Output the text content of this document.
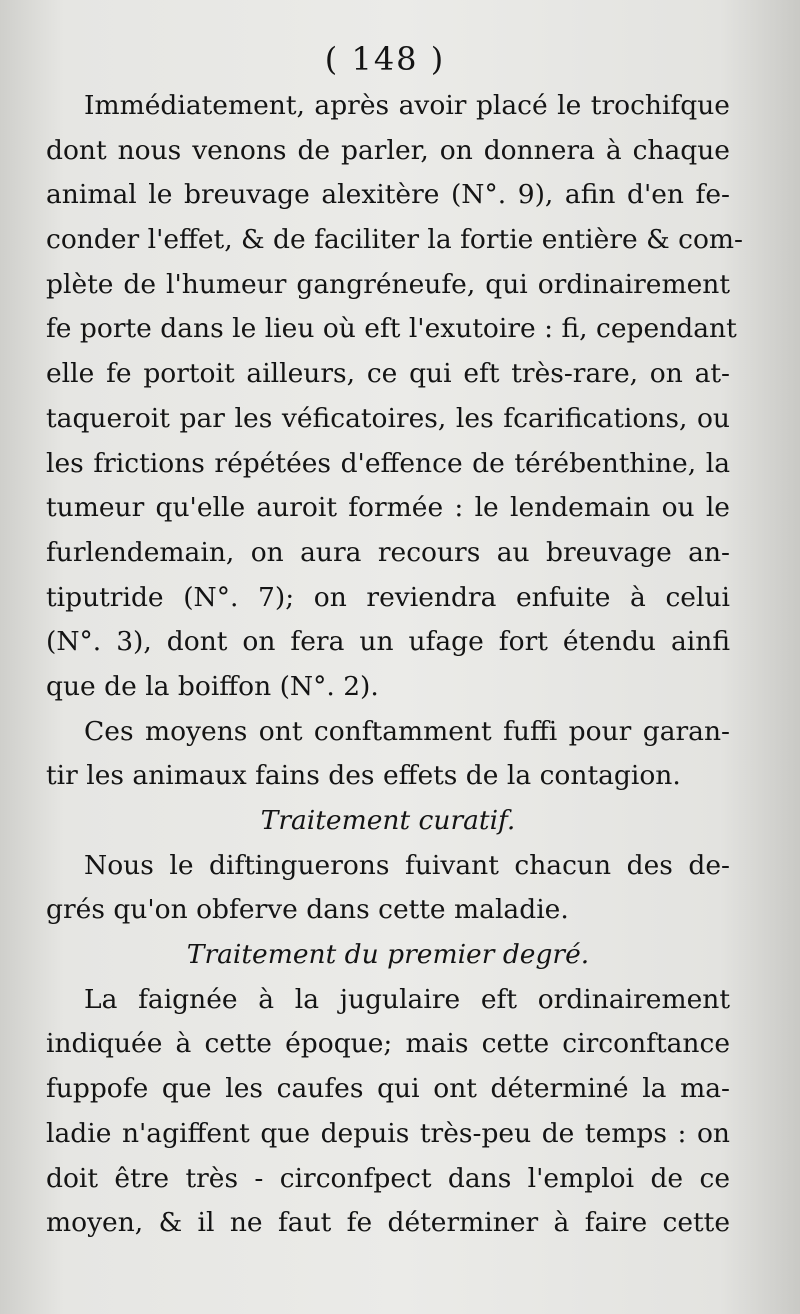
( 148 )
Immédiatement, après avoir placé le trochifque
dont nous venons de parler, on donnera à chaque
animal le breuvage alexitère (N°. 9), afin d'en fe-
conder l'effet, & de faciliter la fortie entière & com-
plète de l'humeur gangréneufe, qui ordinairement
fe porte dans le lieu où eft l'exutoire : fi, cependant
elle fe portoit ailleurs, ce qui eft très-rare, on at-
taqueroit par les véficatoires, les fcarifications, ou
les frictions répétées d'effence de térébenthine, la
tumeur qu'elle auroit formée : le lendemain ou le
furlendemain, on aura recours au breuvage an-
tiputride (N°. 7); on reviendra enfuite à celui
(N°. 3), dont on fera un ufage fort étendu ainfi
que de la boiffon (N°. 2).
Ces moyens ont conftamment fuffi pour garan-
tir les animaux fains des effets de la contagion.
Traitement curatif.
Nous le diftinguerons fuivant chacun des de-
grés qu'on obferve dans cette maladie.
Traitement du premier degré.
La faignée à la jugulaire eft ordinairement
indiquée à cette époque; mais cette circonftance
fuppofe que les caufes qui ont déterminé la ma-
ladie n'agiffent que depuis très-peu de temps : on
doit être très - circonfpect dans l'emploi de ce
moyen, & il ne faut fe déterminer à faire cette
